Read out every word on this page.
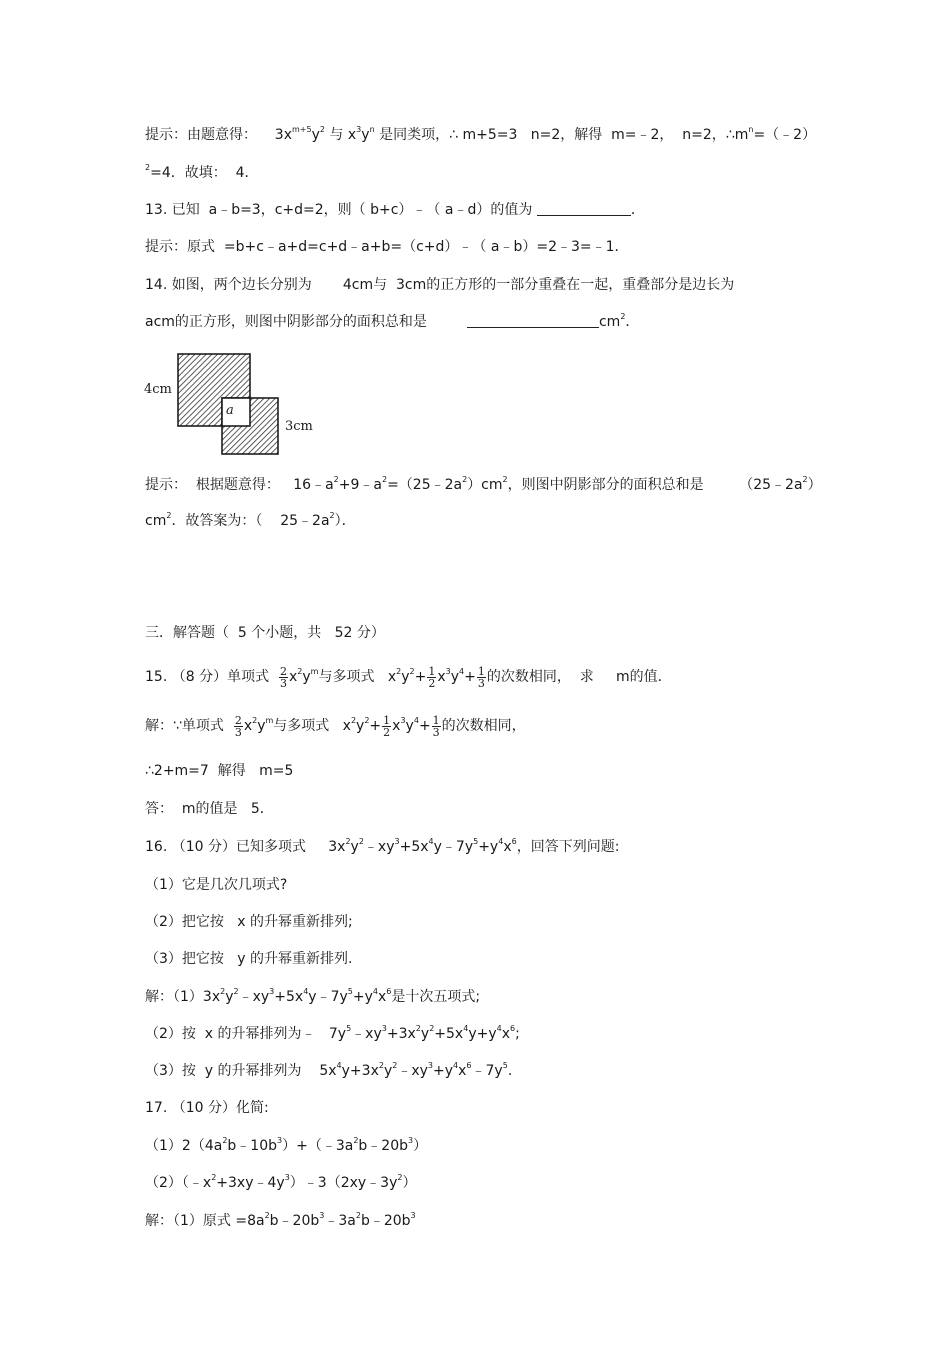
提示：由题意得：    $3x^{m+5}y^2$ 与 $x^3y^n$ 是同类项，∴ m+5=3   n=2，解得  m=﹣2，  n=2，$\therefore m^n=(﹣2)$
$^2$=4．故填：  4．
13. 已知  a﹣b=3，c+d=2，则（ b+c）﹣（ a﹣d）的值为	．
提示：原式  =b+c﹣a+d=c+d﹣a+b=（c+d）﹣（ a﹣b）=2﹣3=﹣1．
14. 如图，两个边长分别为       4cm与  3cm的正方形的一部分重叠在一起，重叠部分是边长为
acm的正方形，则图中阴影部分的面积总和是	$cm^2$．
4cm
3cm
a
提示：  根据题意得：   $16﹣a^2+9﹣a^2=(25﹣2a^2)cm^2$，则图中阴影部分的面积总和是        $(25﹣2a^2)$
$cm^2$．故答案为：（    $25﹣2a^2$）．
三．解答题（  5 个小题，共   52 分）
15. （8 分）单项式 $\frac{2}{3} x^2y^m$与多项式   $x^2y^2+ \frac{1}{2} x^3y^4+ \frac{1}{3}$ 的次数相同，  求     m的值．
解：∵单项式 $\frac{2}{3} x^2y^m$与多项式   $x^2y^2+ \frac{1}{2} x^3y^4+ \frac{1}{3}$ 的次数相同，
∴2+m=7  解得   m=5
答：  m的值是   5．
16. （10 分）已知多项式     $3x^2y^2﹣xy^3+5x^4y﹣7y^5+y^4x^6$，回答下列问题:
（1）它是几次几项式?
（2）把它按   x 的升幂重新排列;
（3）把它按   y 的升幂重新排列.
解：$(1)3x^2y^2﹣xy^3+5x^4y﹣7y^5+y^4x^6$是十次五项式;
（2）按  x 的升幂排列为﹣   $7y^5﹣xy^3+3x^2y^2+5x^4y+y^4x^6$;
（3）按  y 的升幂排列为    $5x^4y+3x^2y^2﹣xy^3+y^4x^6﹣7y^5$.
17. （10 分）化简:
$(1)2(4a^2b﹣10b^3)+(﹣3a^2b﹣20b^3)$
$(2)(﹣x^2+3xy﹣4y^3)﹣3(2xy﹣3y^2)$
解：（1）原式 $=8a^2b﹣20b^3﹣3a^2b﹣20b^3$
